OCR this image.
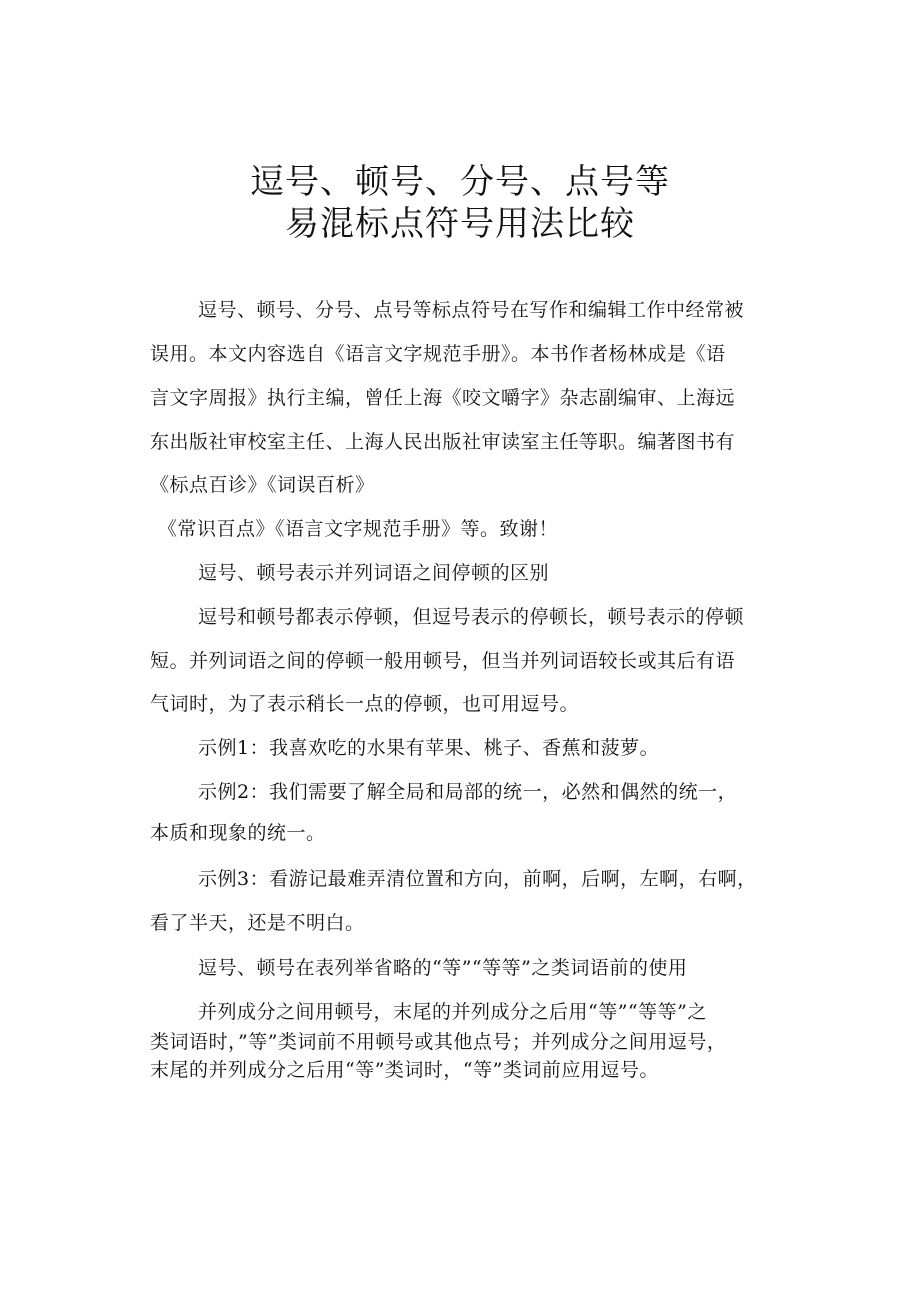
逗号、顿号、分号、点号等
易混标点符号用法比较

逗号、顿号、分号、点号等标点符号在写作和编辑工作中经常被

误用。本文内容选自《语言文字规范手册》。本书作者杨林成是《语

言文字周报》执行主编，曾任上海《咬文嚼字》杂志副编审、上海远

东出版社审校室主任、上海人民出版社审读室主任等职。编著图书有

《标点百诊》《词误百析》

《常识百点》《语言文字规范手册》等。致谢！

逗号、顿号表示并列词语之间停顿的区别

逗号和顿号都表示停顿，但逗号表示的停顿长，顿号表示的停顿

短。并列词语之间的停顿一般用顿号，但当并列词语较长或其后有语

气词时，为了表示稍长一点的停顿，也可用逗号。

示例1：我喜欢吃的水果有苹果、桃子、香蕉和菠萝。

示例2：我们需要了解全局和局部的统一，必然和偶然的统一，

本质和现象的统一。

示例3：看游记最难弄清位置和方向，前啊，后啊，左啊，右啊，

看了半天，还是不明白。

逗号、顿号在表列举省略的“等”“等等”之类词语前的使用

并列成分之间用顿号，末尾的并列成分之后用“等”“等等”之

类词语时，”等”类词前不用顿号或其他点号；并列成分之间用逗号，

末尾的并列成分之后用“等”类词时，“等”类词前应用逗号。
